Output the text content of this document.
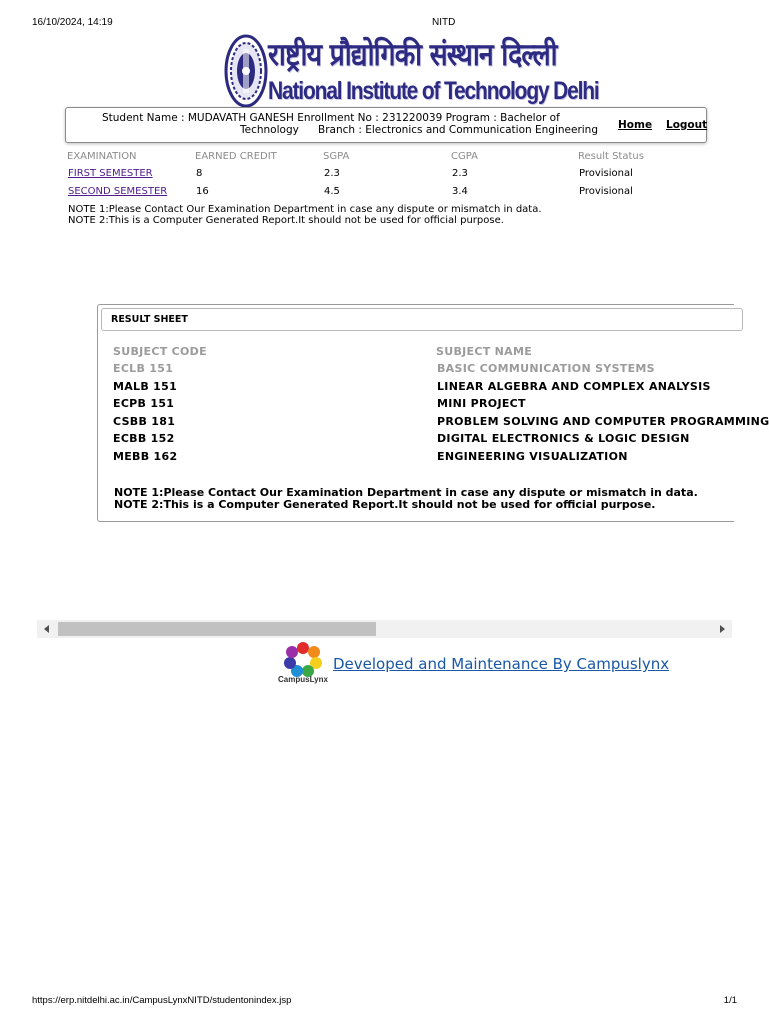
16/10/2024, 14:19	NITD
राष्ट्रीय प्रौद्योगिकी संस्थान दिल्ली
National Institute of Technology Delhi
Student Name : MUDAVATH GANESH Enrollment No : 231220039 Program : Bachelor of
Technology Branch : Electronics and Communication Engineering Home Logout
EXAMINATION	EARNED CREDIT	SGPA	CGPA	Result Status
FIRST SEMESTER	8	2.3	2.3	Provisional
SECOND SEMESTER	16	4.5	3.4	Provisional
NOTE 1:Please Contact Our Examination Department in case any dispute or mismatch in data.
NOTE 2:This is a Computer Generated Report.It should not be used for official purpose.
RESULT SHEET
SUBJECT CODE	SUBJECT NAME
ECLB 151	BASIC COMMUNICATION SYSTEMS
MALB 151	LINEAR ALGEBRA AND COMPLEX ANALYSIS
ECPB 151	MINI PROJECT
CSBB 181	PROBLEM SOLVING AND COMPUTER PROGRAMMING
ECBB 152	DIGITAL ELECTRONICS & LOGIC DESIGN
MEBB 162	ENGINEERING VISUALIZATION
NOTE 1:Please Contact Our Examination Department in case any dispute or mismatch in data.
NOTE 2:This is a Computer Generated Report.It should not be used for official purpose.
CampusLynx
Developed and Maintenance By Campuslynx
https://erp.nitdelhi.ac.in/CampusLynxNITD/studentonindex.jsp	1/1
